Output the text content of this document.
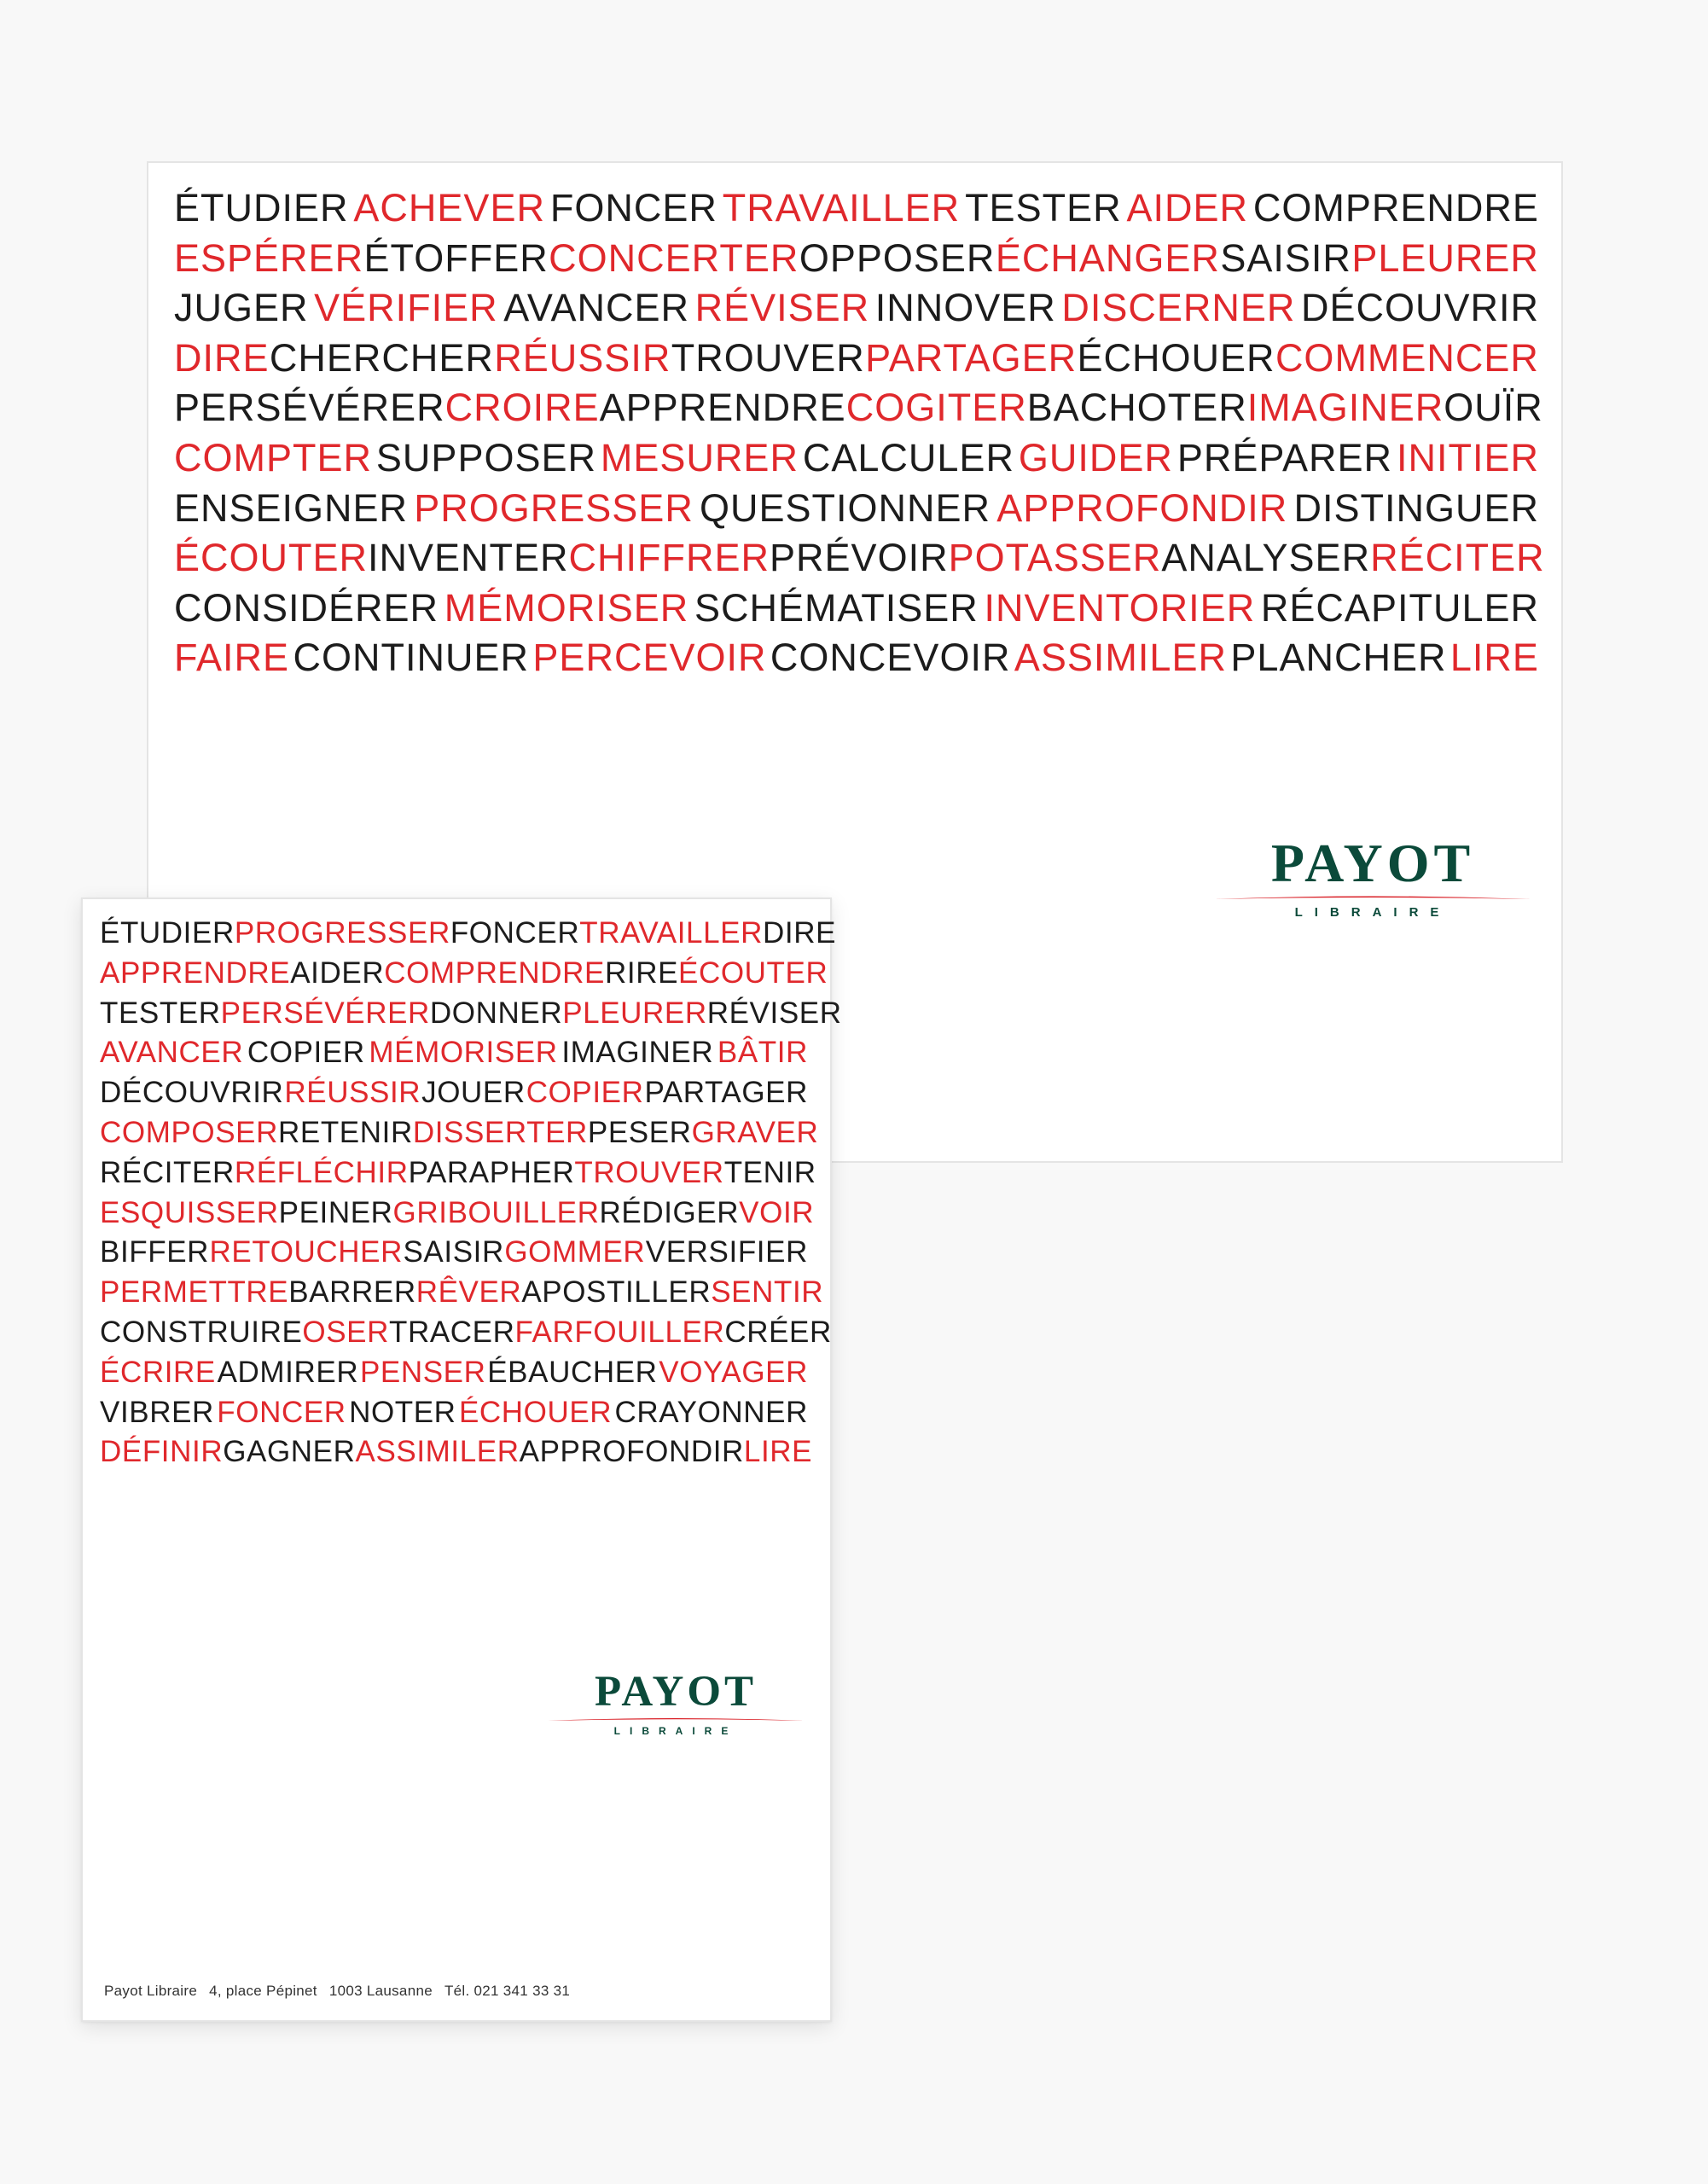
ÉTUDIER ACHEVER FONCER TRAVAILLER TESTER AIDER COMPRENDRE
ESPÉRER ÉTOFFER CONCERTER OPPOSER ÉCHANGER SAISIR PLEURER
JUGER VÉRIFIER AVANCER RÉVISER INNOVER DISCERNER DÉCOUVRIR
DIRE CHERCHER RÉUSSIR TROUVER PARTAGER ÉCHOUER COMMENCER
PERSÉVÉRER CROIRE APPRENDRE COGITER BACHOTER IMAGINER OUÏR
COMPTER SUPPOSER MESURER CALCULER GUIDER PRÉPARER INITIER
ENSEIGNER PROGRESSER QUESTIONNER APPROFONDIR DISTINGUER
ÉCOUTER INVENTER CHIFFRER PRÉVOIR POTASSER ANALYSER RÉCITER
CONSIDÉRER MÉMORISER SCHÉMATISER INVENTORIER RÉCAPITULER
FAIRE CONTINUER PERCEVOIR CONCEVOIR ASSIMILER PLANCHER LIRE
PAYOT
LIBRAIRE
ÉTUDIER PROGRESSER FONCER TRAVAILLER DIRE
APPRENDRE AIDER COMPRENDRE RIRE ÉCOUTER
TESTER PERSÉVÉRER DONNER PLEURER RÉVISER
AVANCER COPIER MÉMORISER IMAGINER BÂTIR
DÉCOUVRIR RÉUSSIR JOUER COPIER PARTAGER
COMPOSER RETENIR DISSERTER PESER GRAVER
RÉCITER RÉFLÉCHIR PARAPHER TROUVER TENIR
ESQUISSER PEINER GRIBOUILLER RÉDIGER VOIR
BIFFER RETOUCHER SAISIR GOMMER VERSIFIER
PERMETTRE BARRER RÊVER APOSTILLER SENTIR
CONSTRUIRE OSER TRACER FARFOUILLER CRÉER
ÉCRIRE ADMIRER PENSER ÉBAUCHER VOYAGER
VIBRER FONCER NOTER ÉCHOUER CRAYONNER
DÉFINIR GAGNER ASSIMILER APPROFONDIR LIRE
PAYOT
LIBRAIRE
Payot Libraire 4, place Pépinet 1003 Lausanne Tél. 021 341 33 31
